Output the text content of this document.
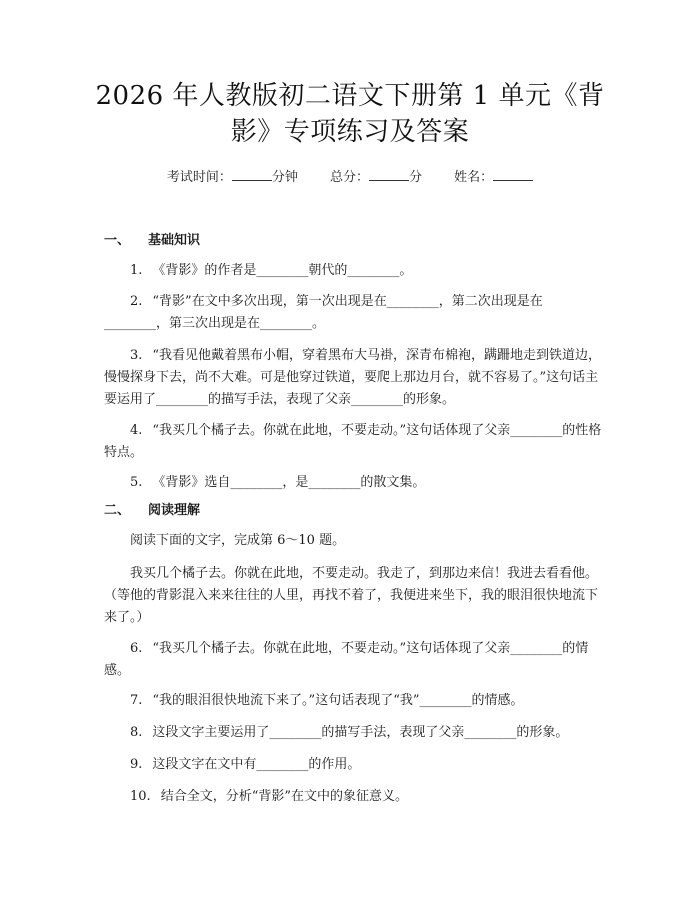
2026 年人教版初二语文下册第 1 单元《背
影》专项练习及答案
考试时间：	分钟 总分：	分 姓名：
一、 基础知识

1. 《背影》的作者是________朝代的________。

2. “背影”在文中多次出现，第一次出现是在________，第二次出现是在________，第三次出现是在________。

3. “我看见他戴着黑布小帽，穿着黑布大马褂，深青布棉袍，蹒跚地走到铁道边，慢慢探身下去，尚不大难。可是他穿过铁道，要爬上那边月台，就不容易了。”这句话主要运用了________的描写手法，表现了父亲________的形象。

4. “我买几个橘子去。你就在此地，不要走动。”这句话体现了父亲________的性格特点。

5. 《背影》选自________，是________的散文集。

二、 阅读理解

阅读下面的文字，完成第 6～10 题。

我买几个橘子去。你就在此地，不要走动。我走了，到那边来信！我进去看看他。（等他的背影混入来来往往的人里，再找不着了，我便进来坐下，我的眼泪很快地流下来了。）

6. “我买几个橘子去。你就在此地，不要走动。”这句话体现了父亲________的情感。

7. “我的眼泪很快地流下来了。”这句话表现了“我”________的情感。

8. 这段文字主要运用了________的描写手法，表现了父亲________的形象。

9. 这段文字在文中有________的作用。

10. 结合全文，分析“背影”在文中的象征意义。
